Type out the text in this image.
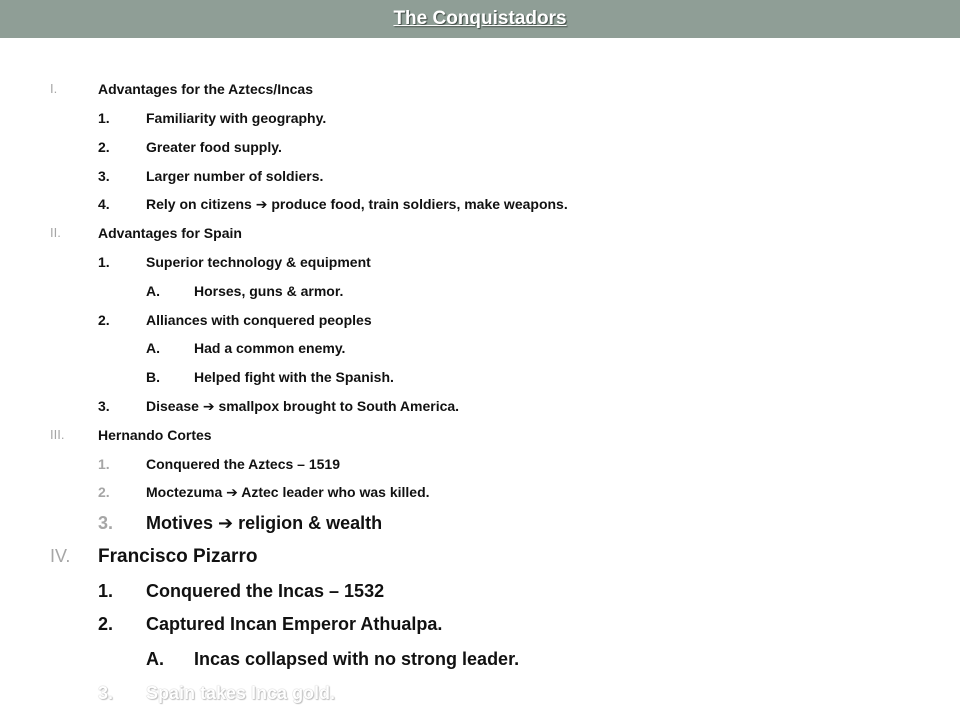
The Conquistadors
I.	Advantages for the Aztecs/Incas
1.	Familiarity with geography.
2.	Greater food supply.
3.	Larger number of soldiers.
4.	Rely on citizens ➔ produce food, train soldiers, make weapons.
II.	Advantages for Spain
1.	Superior technology & equipment
A. Horses, guns & armor.
2.	Alliances with conquered peoples
A. Had a common enemy.
B. Helped fight with the Spanish.
3.	Disease ➔ smallpox brought to South America.
III. Hernando Cortes
1.	Conquered the Aztecs – 1519
2.	Moctezuma ➔ Aztec leader who was killed.
3. Motives ➔ religion & wealth
IV. Francisco Pizarro
1. Conquered the Incas – 1532
2. Captured Incan Emperor Athualpa.
A. Incas collapsed with no strong leader.
3. Spain takes Inca gold.
